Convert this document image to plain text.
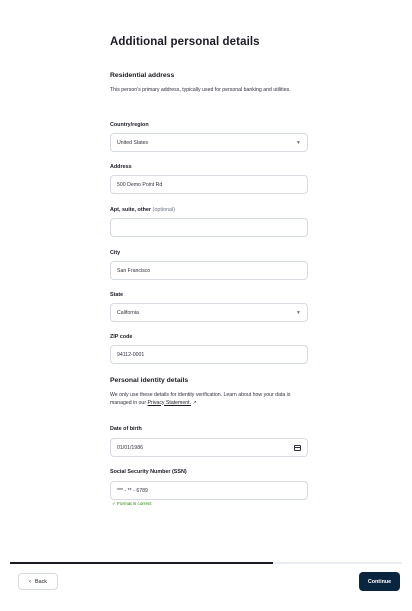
Additional personal details
Residential address
This person's primary address, typically used for personal banking and utilities.
Country/region
United States	▼
Address
500 Demo Point Rd
Apt, suite, other (optional)
City
San Francisco
State
California	▼
ZIP code
94112-0001
Personal identity details
We only use these details for identity verification. Learn about how your data is managed in our Privacy Statement. ↗
Date of birth
01/01/1986
Social Security Number (SSN)
*** - ** - 6789
✓ Format is correct
‹ Back	Continue
